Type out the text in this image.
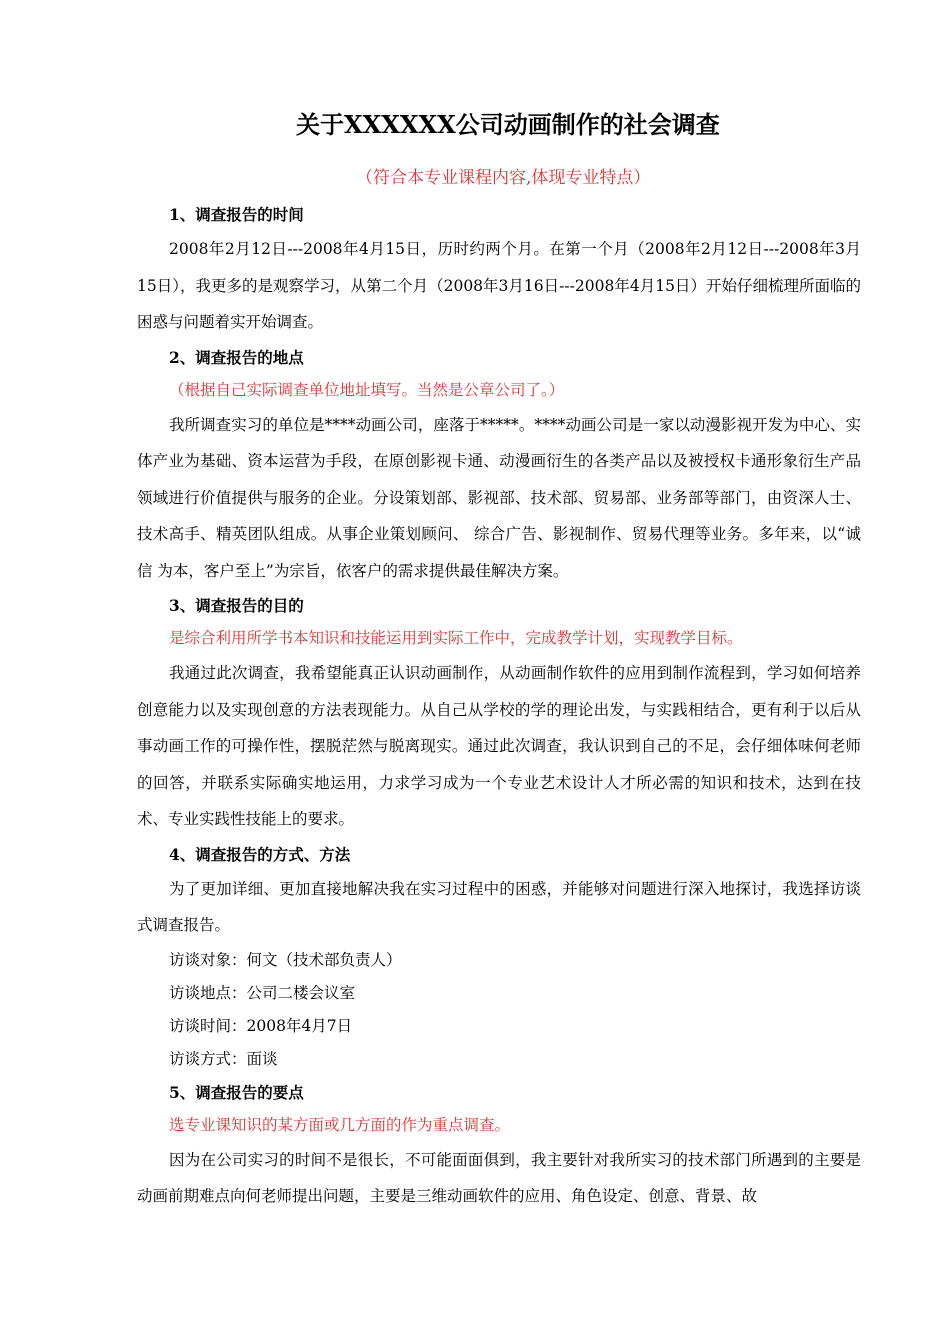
关于XXXXXX公司动画制作的社会调查
（符合本专业课程内容,体现专业特点）
1、调查报告的时间

2008年2月12日---2008年4月15日，历时约两个月。在第一个月（2008年2月12日---2008年3月15日），我更多的是观察学习，从第二个月（2008年3月16日---2008年4月15日）开始仔细梳理所面临的困惑与问题着实开始调查。

2、调查报告的地点
（根据自己实际调查单位地址填写。当然是公章公司了。）

我所调查实习的单位是****动画公司，座落于*****。****动画公司是一家以动漫影视开发为中心、实体产业为基础、资本运营为手段，在原创影视卡通、动漫画衍生的各类产品以及被授权卡通形象衍生产品领域进行价值提供与服务的企业。分设策划部、影视部、技术部、贸易部、业务部等部门，由资深人士、技术高手、精英团队组成。从事企业策划顾问、 综合广告、影视制作、贸易代理等业务。多年来，以“诚信 为本，客户至上”为宗旨，依客户的需求提供最佳解决方案。

3、调查报告的目的
是综合利用所学书本知识和技能运用到实际工作中，完成教学计划，实现教学目标。

我通过此次调查，我希望能真正认识动画制作，从动画制作软件的应用到制作流程到，学习如何培养创意能力以及实现创意的方法表现能力。从自己从学校的学的理论出发，与实践相结合，更有利于以后从事动画工作的可操作性，摆脱茫然与脱离现实。通过此次调查，我认识到自己的不足，会仔细体味何老师的回答，并联系实际确实地运用，力求学习成为一个专业艺术设计人才所必需的知识和技术，达到在技术、专业实践性技能上的要求。

4、调查报告的方式、方法

为了更加详细、更加直接地解决我在实习过程中的困惑，并能够对问题进行深入地探讨，我选择访谈式调查报告。

访谈对象：何文（技术部负责人）
访谈地点：公司二楼会议室
访谈时间：2008年4月7日
访谈方式：面谈
5、调查报告的要点
选专业课知识的某方面或几方面的作为重点调查。

因为在公司实习的时间不是很长，不可能面面俱到，我主要针对我所实习的技术部门所遇到的主要是动画前期难点向何老师提出问题，主要是三维动画软件的应用、角色设定、创意、背景、故
